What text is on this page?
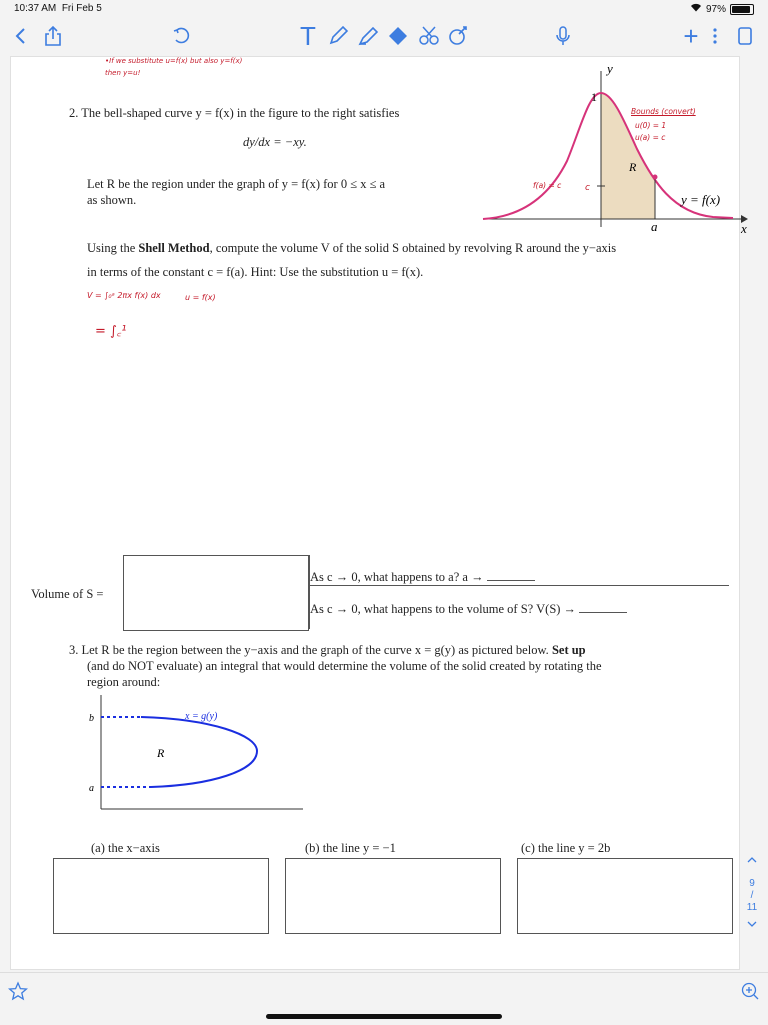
10:37 AM Fri Feb 5	97%
T	+
•If we substitute u=f(x) but also y=f(x)
then y=u!
2. The bell-shaped curve y = f(x) in the figure to the right satisfies
dy/dx = −xy.
Let R be the region under the graph of y = f(x) for 0 ≤ x ≤ a
as shown.
Using the Shell Method, compute the volume V of the solid S obtained by revolving R around the y−axis
in terms of the constant c = f(a). Hint: Use the substitution u = f(x).
y
1
c
a
R
y = f(x)
x
Bounds (convert)
u(0) = 1
u(a) = c
f(a) = c
V = ∫₀ᵃ 2πx f(x) dx	u = f(x)
= ∫꜀¹
Volume of S =
As c → 0, what happens to a? a →
As c → 0, what happens to the volume of S? V(S) →
3. Let R be the region between the y−axis and the graph of the curve x = g(y) as pictured below. Set up
(and do NOT evaluate) an integral that would determine the volume of the solid created by rotating the
region around:
b
a
x = g(y)
R
(a) the x−axis	(b) the line y = −1	(c) the line y = 2b
9
/
11
